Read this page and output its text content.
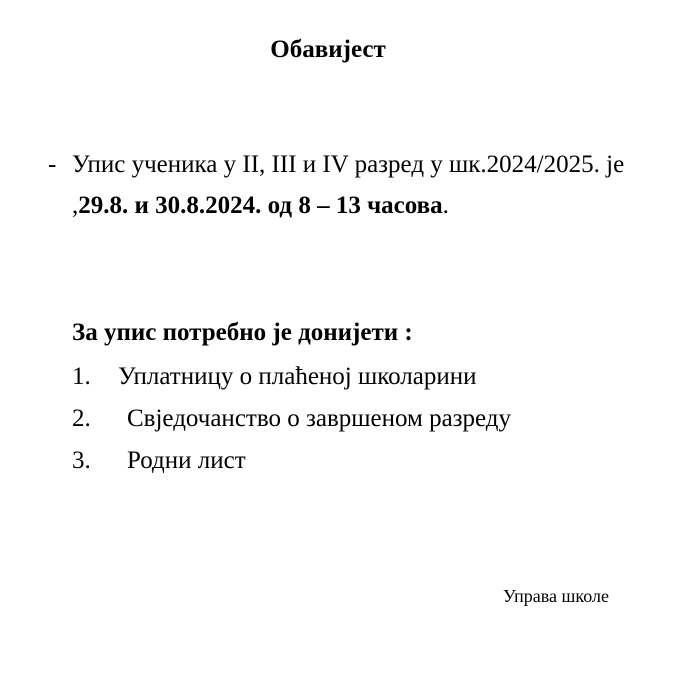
Обавијест
- Упис ученика у II, III и IV разред у шк.2024/2025. је ,29.8. и 30.8.2024. од 8 – 13 часова.
За упис потребно је донијети :
1. Уплатницу о плаћеној школарини
2. Свједочанство о завршеном разреду
3. Родни лист
Управа школе
